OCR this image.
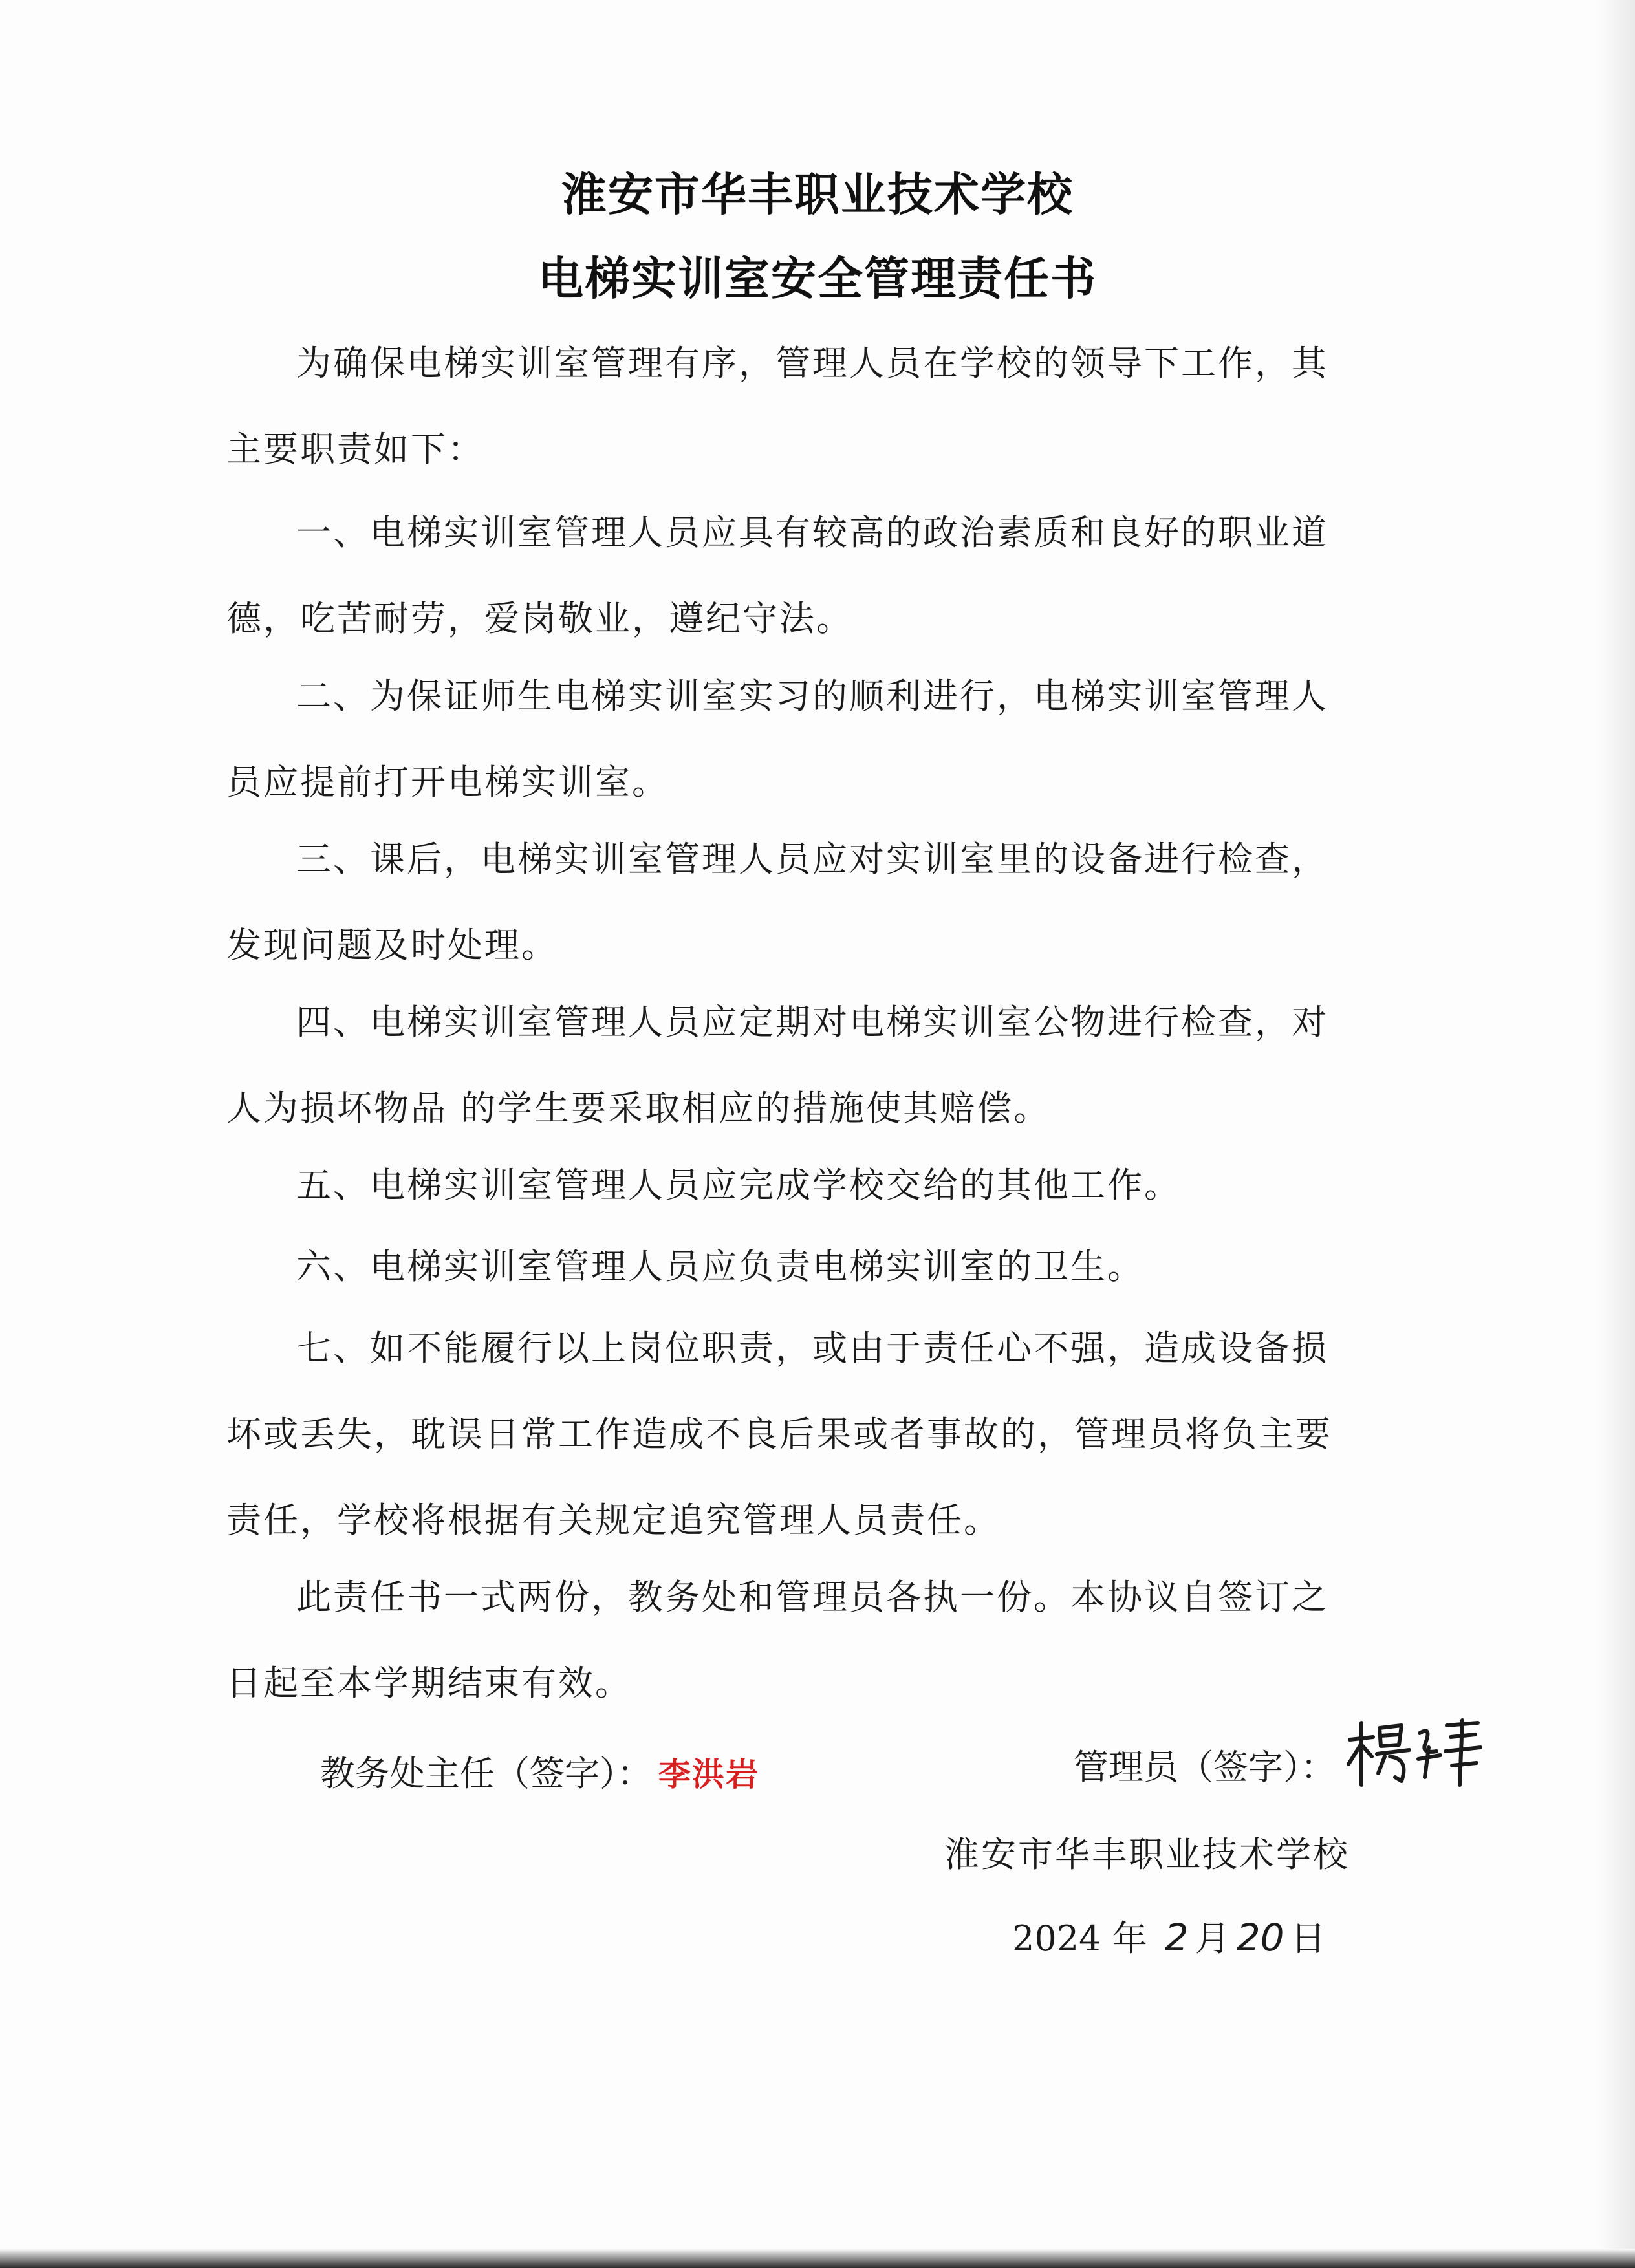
淮安市华丰职业技术学校
电梯实训室安全管理责任书

为确保电梯实训室管理有序，管理人员在学校的领导下工作，其主要职责如下：

一、电梯实训室管理人员应具有较高的政治素质和良好的职业道德，吃苦耐劳，爱岗敬业，遵纪守法。

二、为保证师生电梯实训室实习的顺利进行，电梯实训室管理人员应提前打开电梯实训室。

三、课后，电梯实训室管理人员应对实训室里的设备进行检查，发现问题及时处理。

四、电梯实训室管理人员应定期对电梯实训室公物进行检查，对人为损坏物品 的学生要采取相应的措施使其赔偿。

五、电梯实训室管理人员应完成学校交给的其他工作。

六、电梯实训室管理人员应负责电梯实训室的卫生。

七、如不能履行以上岗位职责，或由于责任心不强，造成设备损坏或丢失，耽误日常工作造成不良后果或者事故的，管理员将负主要责任，学校将根据有关规定追究管理人员责任。

此责任书一式两份，教务处和管理员各执一份。本协议自签订之日起至本学期结束有效。

教务处主任（签字）： 李洪岩	管理员（签字）：
淮安市华丰职业技术学校
2024 年 2 月 20 日
